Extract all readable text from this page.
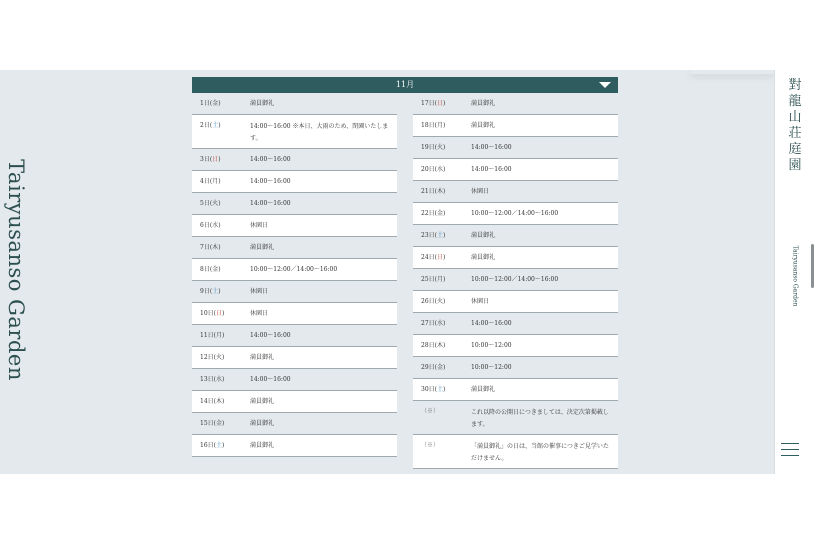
Tairyusanso Garden
11月
1日(金)	満員御礼
2日(土)	14:00～16:00 ※本日、大雨のため、閉園いたします。
3日(日)	14:00～16:00
4日(月)	14:00～16:00
5日(火)	14:00～16:00
6日(水)	休園日
7日(木)	満員御礼
8日(金)	10:00～12:00／14:00～16:00
9日(土)	休園日
10日(日)	休園日
11日(月)	14:00～16:00
12日(火)	満員御礼
13日(水)	14:00～16:00
14日(木)	満員御礼
15日(金)	満員御礼
16日(土)	満員御礼
17日(日)	満員御礼
18日(月)	満員御礼
19日(火)	14:00～16:00
20日(水)	14:00～16:00
21日(木)	休園日
22日(金)	10:00～12:00／14:00～16:00
23日(土)	満員御礼
24日(日)	満員御礼
25日(月)	10:00～12:00／14:00～16:00
26日(火)	休園日
27日(水)	14:00～16:00
28日(木)	10:00～12:00
29日(金)	10:00～12:00
30日(土)	満員御礼
（※）	これ以降の公開日につきましては、決定次第掲載します。
（※）	「満員御礼」の日は、当館の催事につきご見学いただけません。
對
龍
山
荘
庭
園
Tairyusanso Garden
